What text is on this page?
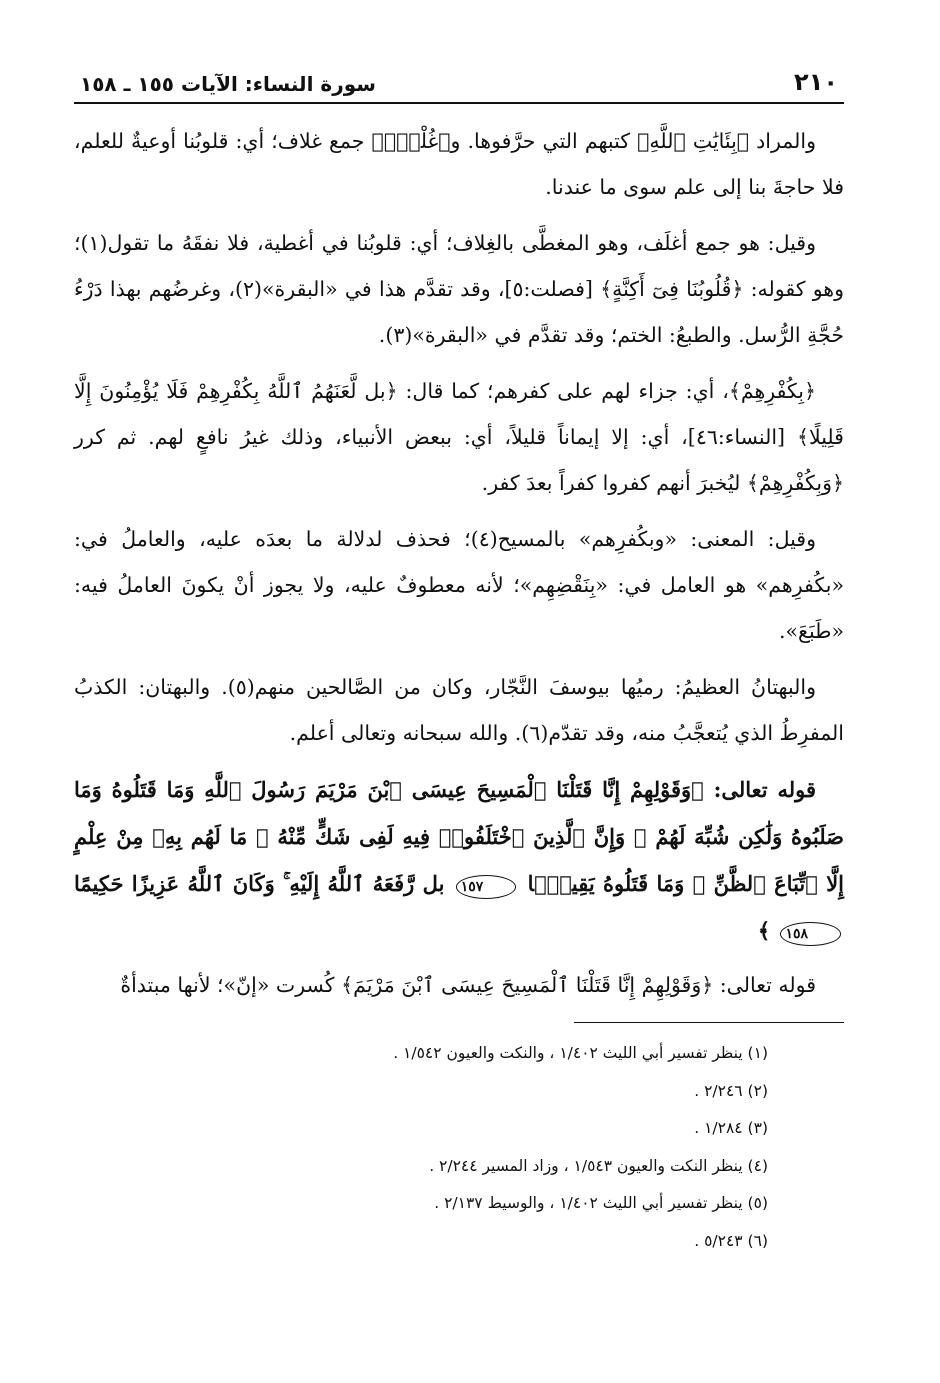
٢١٠
سورة النساء: الآيات ١٥٥ ـ ١٥٨

والمراد ﴿بِئَايَٰتِ ٱللَّهِ﴾ كتبهم التي حرَّفوها. و﴿غُلْفٌۢ﴾ جمع غلاف؛ أي: قلوبُنا أوعيةٌ للعلم، فلا حاجةَ بنا إلى علم سوى ما عندنا.

وقيل: هو جمع أغلَف، وهو المغطَّى بالغِلاف؛ أي: قلوبُنا في أغطية، فلا نفقَهُ ما تقول(١)؛ وهو كقوله: ﴿قُلُوبُنَا فِىٓ أَكِنَّةٍ﴾ [فصلت:٥]، وقد تقدَّم هذا في «البقرة»(٢)، وغرضُهم بهذا دَرْءُ حُجَّةِ الرُّسل. والطبعُ: الختم؛ وقد تقدَّم في «البقرة»(٣).

﴿بِكُفْرِهِمْ﴾، أي: جزاء لهم على كفرهم؛ كما قال: ﴿بل لَّعَنَهُمُ ٱللَّهُ بِكُفْرِهِمْ فَلَا يُؤْمِنُونَ إِلَّا قَلِيلًا﴾ [النساء:٤٦]، أي: إلا إيماناً قليلاً، أي: ببعض الأنبياء، وذلك غيرُ نافعٍ لهم. ثم كرر ﴿وَبِكُفْرِهِمْ﴾ ليُخبرَ أنهم كفروا كفراً بعدَ كفر.

وقيل: المعنى: «وبكُفرِهم» بالمسيح(٤)؛ فحذف لدلالة ما بعدَه عليه، والعاملُ في: «بكُفرِهم» هو العامل في: «بِنَقْضِهِم»؛ لأنه معطوفٌ عليه، ولا يجوز أنْ يكونَ العاملُ فيه: «طَبَعَ».

والبهتانُ العظيمُ: رميُها بيوسفَ النَّجّار، وكان من الصَّالحين منهم(٥). والبهتان: الكذبُ المفرِطُ الذي يُتعجَّبُ منه، وقد تقدّم(٦). والله سبحانه وتعالى أعلم.

قوله تعالى: ﴿وَقَوْلِهِمْ إِنَّا قَتَلْنَا ٱلْمَسِيحَ عِيسَى ٱبْنَ مَرْيَمَ رَسُولَ ٱللَّهِ وَمَا قَتَلُوهُ وَمَا صَلَبُوهُ وَلَٰكِن شُبِّهَ لَهُمْ ۚ وَإِنَّ ٱلَّذِينَ ٱخْتَلَفُوا۟ فِيهِ لَفِى شَكٍّ مِّنْهُ ۚ مَا لَهُم بِهِۦ مِنْ عِلْمٍ إِلَّا ٱتِّبَاعَ ٱلظَّنِّ ۚ وَمَا قَتَلُوهُ يَقِينًۢا ١٥٧ بل رَّفَعَهُ ٱللَّهُ إِلَيْهِ ۚ وَكَانَ ٱللَّهُ عَزِيزًا حَكِيمًا ١٥٨ ﴾

قوله تعالى: ﴿وَقَوْلِهِمْ إِنَّا قَتَلْنَا ٱلْمَسِيحَ عِيسَى ٱبْنَ مَرْيَمَ﴾ كُسرت «إنّ»؛ لأنها مبتدأةٌ

(١) ينظر تفسير أبي الليث ١/٤٠٢ ، والنكت والعيون ١/٥٤٢ .

(٢) ٢/٢٤٦ .

(٣) ١/٢٨٤ .

(٤) ينظر النكت والعيون ١/٥٤٣ ، وزاد المسير ٢/٢٤٤ .

(٥) ينظر تفسير أبي الليث ١/٤٠٢ ، والوسيط ٢/١٣٧ .

(٦) ٥/٢٤٣ .
